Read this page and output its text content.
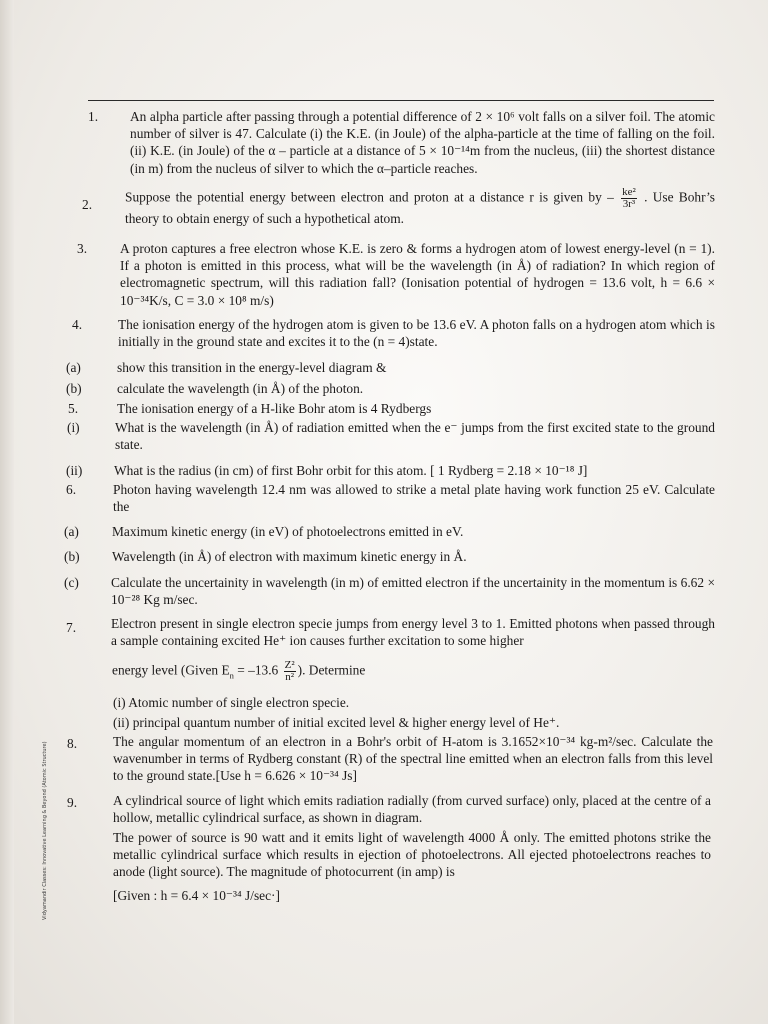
Vidyamandir Classes: Innovative Learning & Beyond (Atomic Structure)
1. An alpha particle after passing through a potential difference of 2 × 10⁶ volt falls on a silver foil. The atomic number of silver is 47. Calculate (i) the K.E. (in Joule) of the alpha-particle at the time of falling on the foil. (ii) K.E. (in Joule) of the α – particle at a distance of 5 × 10⁻¹⁴m from the nucleus, (iii) the shortest distance (in m) from the nucleus of silver to which the α–particle reaches.
2. Suppose the potential energy between electron and proton at a distance r is given by – $\frac{\text{ke²}}{\text{3r³}}$ . Use Bohr’s theory to obtain energy of such a hypothetical atom.
3. A proton captures a free electron whose K.E. is zero & forms a hydrogen atom of lowest energy-level (n = 1). If a photon is emitted in this process, what will be the wavelength (in Å) of radiation? In which region of electromagnetic spectrum, will this radiation fall? (Ionisation potential of hydrogen = 13.6 volt, h = 6.6 × 10⁻³⁴K/s, C = 3.0 × 10⁸ m/s)
4.	The ionisation energy of the hydrogen atom is given to be 13.6 eV. A photon falls on a hydrogen atom which is initially in the ground state and excites it to the (n = 4)state.
(a)	show this transition in the energy-level diagram &
(b)	calculate the wavelength (in Å) of the photon.
5.	The ionisation energy of a H-like Bohr atom is 4 Rydbergs
(i)	What is the wavelength (in Å) of radiation emitted when the e⁻ jumps from the first excited state to the ground state.
(ii) What is the radius (in cm) of first Bohr orbit for this atom. [ 1 Rydberg = 2.18 × 10⁻¹⁸ J]
6.	Photon having wavelength 12.4 nm was allowed to strike a metal plate having work function 25 eV. Calculate the
(a) Maximum kinetic energy (in eV) of photoelectrons emitted in eV.
(b) Wavelength (in Å) of electron with maximum kinetic energy in Å.
(c) Calculate the uncertainity in wavelength (in m) of emitted electron if the uncertainity in the momentum is 6.62 × 10⁻²⁸ Kg m/sec.
7.	Electron present in single electron specie jumps from energy level 3 to 1. Emitted photons when passed through a sample containing excited He⁺ ion causes further excitation to some higher
energy level (Given $E_n = -13.6 \frac{\text{Z²}}{\text{n²}}$ ). Determine
(i) Atomic number of single electron specie.
(ii) principal quantum number of initial excited level & higher energy level of He⁺.
8.	The angular momentum of an electron in a Bohr's orbit of H-atom is 3.1652×10⁻³⁴ kg-m²/sec. Calculate the wavenumber in terms of Rydberg constant (R) of the spectral line emitted when an electron falls from this level to the ground state.[Use h = 6.626 × 10⁻³⁴ Js]
9.	A cylindrical source of light which emits radiation radially (from curved surface) only, placed at the centre of a hollow, metallic cylindrical surface, as shown in diagram.
The power of source is 90 watt and it emits light of wavelength 4000 Å only. The emitted photons strike the metallic cylindrical surface which results in ejection of photoelectrons. All ejected photoelectrons reaches to anode (light source). The magnitude of photocurrent (in amp) is
[Given : h = 6.4 × 10⁻³⁴ J/sec·]
